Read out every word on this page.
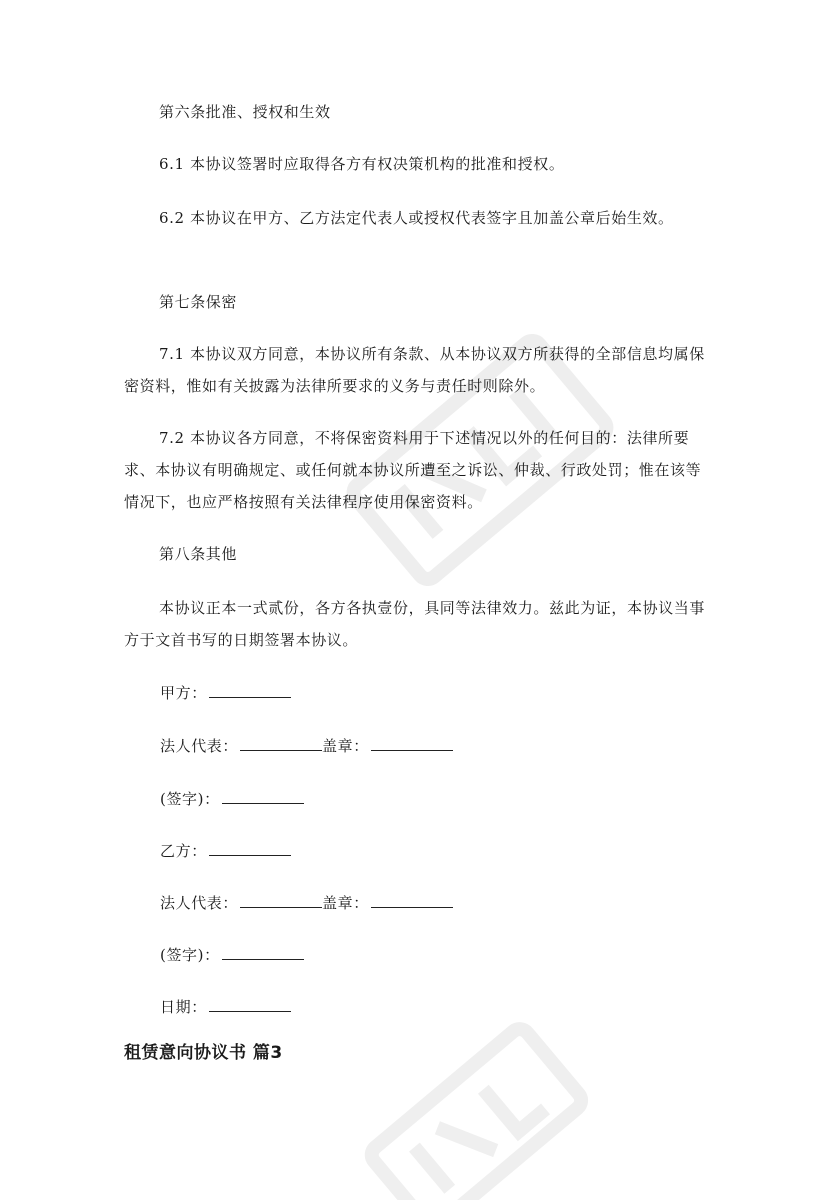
第六条批准、授权和生效

6.1 本协议签署时应取得各方有权决策机构的批准和授权。

6.2 本协议在甲方、乙方法定代表人或授权代表签字且加盖公章后始生效。

第七条保密

7.1 本协议双方同意，本协议所有条款、从本协议双方所获得的全部信息均属保密资料，惟如有关披露为法律所要求的义务与责任时则除外。

7.2 本协议各方同意，不将保密资料用于下述情况以外的任何目的：法律所要求、本协议有明确规定、或任何就本协议所遭至之诉讼、仲裁、行政处罚；惟在该等情况下，也应严格按照有关法律程序使用保密资料。

第八条其他

本协议正本一式贰份，各方各执壹份，具同等法律效力。兹此为证，本协议当事方于文首书写的日期签署本协议。

甲方：
法人代表：	盖章：
(签字)：
乙方：
法人代表：	盖章：
(签字)：
日期：
租赁意向协议书 篇3
